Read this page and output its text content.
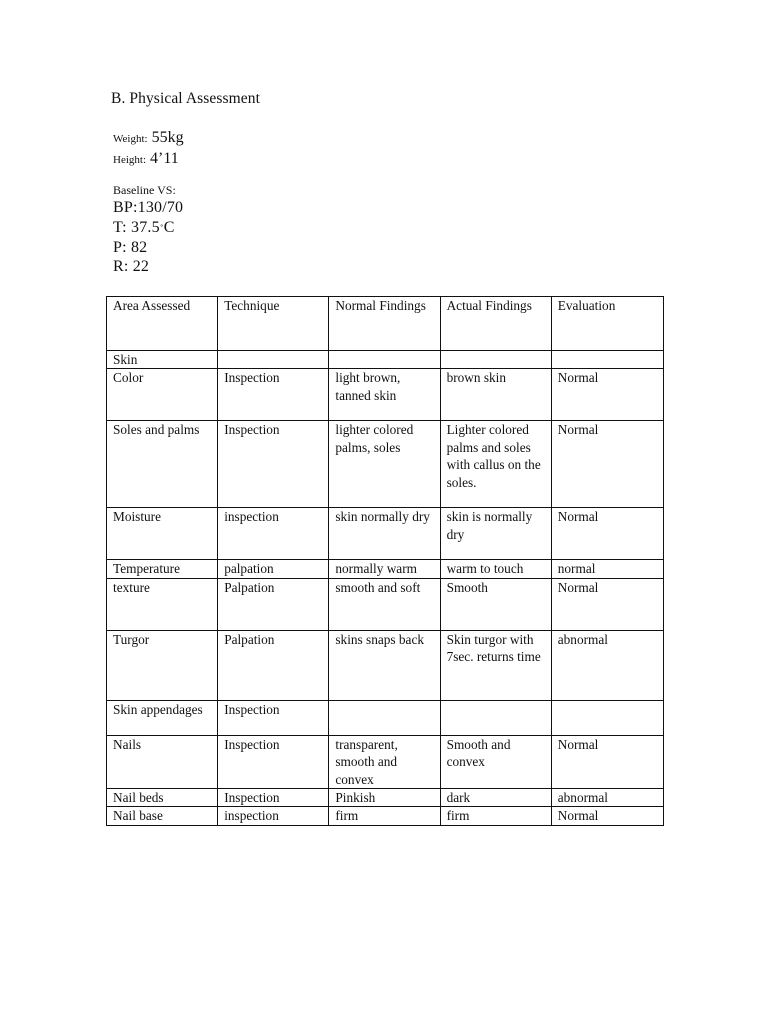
B. Physical Assessment
Weight: 55kg
Height: 4’11
Baseline VS:
BP:130/70
T: 37.5˚C
P: 82
R: 22
Area Assessed	Technique	Normal Findings	Actual Findings	Evaluation
Skin				
Color	Inspection	light brown, tanned skin	brown skin	Normal
Soles and palms	Inspection	lighter colored palms, soles	Lighter colored palms and soles with callus on the soles.	Normal
Moisture	inspection	skin normally dry	skin is normally dry	Normal
Temperature	palpation	normally warm	warm to touch	normal
texture	Palpation	smooth and soft	Smooth	Normal
Turgor	Palpation	skins snaps back	Skin turgor with 7sec. returns time	abnormal
Skin appendages	Inspection			
Nails	Inspection	transparent, smooth and convex	Smooth and convex	Normal
Nail beds	Inspection	Pinkish	dark	abnormal
Nail base	inspection	firm	firm	Normal
